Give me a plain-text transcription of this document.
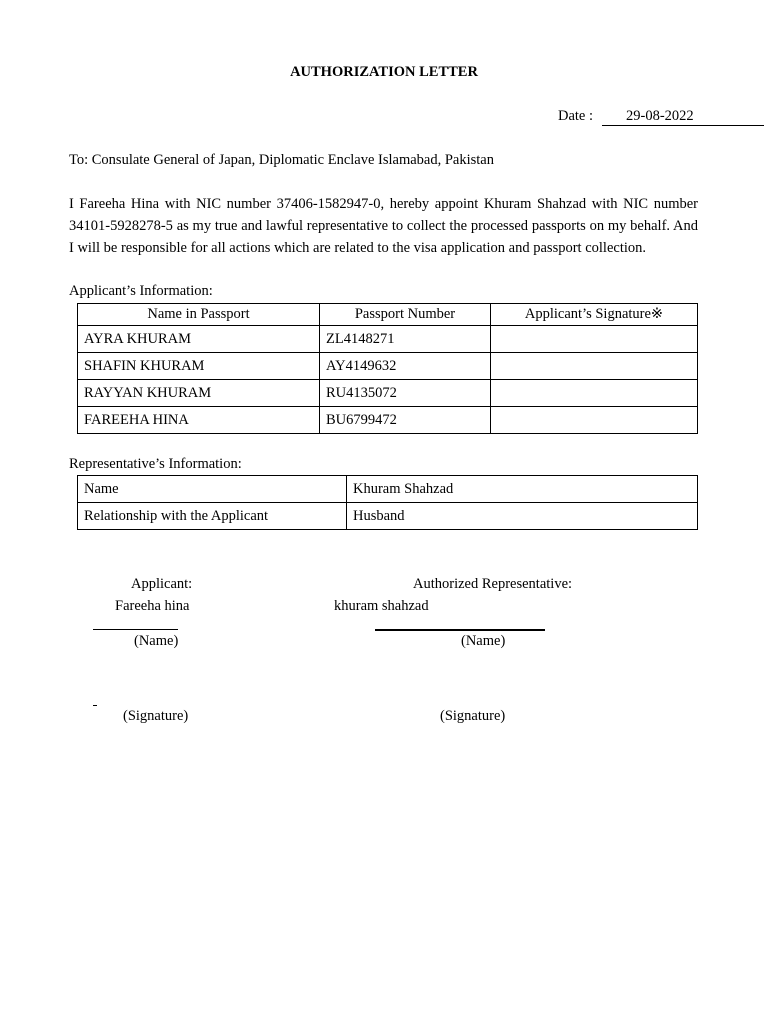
AUTHORIZATION LETTER
Date :	29-08-2022
To: Consulate General of Japan, Diplomatic Enclave Islamabad, Pakistan
I Fareeha Hina with NIC number 37406-1582947-0, hereby appoint Khuram Shahzad with NIC number 34101-5928278-5 as my true and lawful representative to collect the processed passports on my behalf. And I will be responsible for all actions which are related to the visa application and passport collection.
Applicant’s Information:
Name in Passport	Passport Number	Applicant’s Signature※
AYRA KHURAM	ZL4148271	
SHAFIN KHURAM	AY4149632	
RAYYAN KHURAM	RU4135072	
FAREEHA HINA	BU6799472	
Representative’s Information:
Name	Khuram Shahzad
Relationship with the Applicant	Husband
Applicant:	Authorized Representative:
Fareeha hina	khuram shahzad
(Name)	(Name)
(Signature)	(Signature)
